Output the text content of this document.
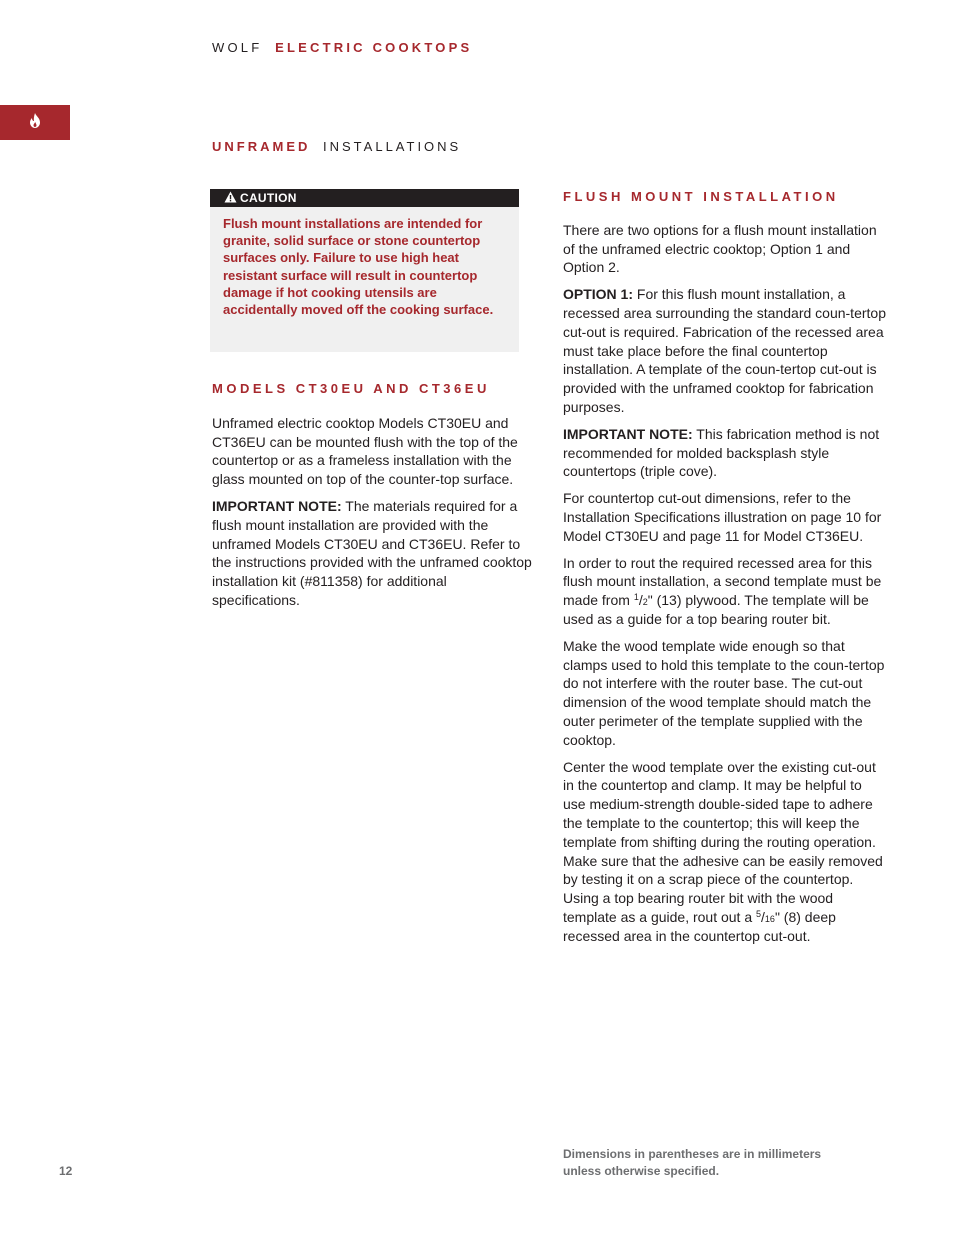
WOLF ELECTRIC COOKTOPS
UNFRAMED INSTALLATIONS
CAUTION
Flush mount installations are intended for granite, solid surface or stone countertop surfaces only. Failure to use high heat resistant surface will result in countertop damage if hot cooking utensils are accidentally moved off the cooking surface.
MODELS CT30EU AND CT36EU

Unframed electric cooktop Models CT30EU and CT36EU can be mounted flush with the top of the countertop or as a frameless installation with the glass mounted on top of the counter-top surface.

IMPORTANT NOTE: The materials required for a flush mount installation are provided with the unframed Models CT30EU and CT36EU. Refer to the instructions provided with the unframed cooktop installation kit (#811358) for additional specifications.

FLUSH MOUNT INSTALLATION

There are two options for a flush mount installation of the unframed electric cooktop; Option 1 and Option 2.

OPTION 1: For this flush mount installation, a recessed area surrounding the standard coun-tertop cut-out is required. Fabrication of the recessed area must take place before the final countertop installation. A template of the coun-tertop cut-out is provided with the unframed cooktop for fabrication purposes.

IMPORTANT NOTE: This fabrication method is not recommended for molded backsplash style countertops (triple cove).

For countertop cut-out dimensions, refer to the Installation Specifications illustration on page 10 for Model CT30EU and page 11 for Model CT36EU.

In order to rout the required recessed area for this flush mount installation, a second template must be made from $^1$/2" (13) plywood. The template will be used as a guide for a top bearing router bit.

Make the wood template wide enough so that clamps used to hold this template to the coun-tertop do not interfere with the router base. The cut-out dimension of the wood template should match the outer perimeter of the template supplied with the cooktop.

Center the wood template over the existing cut-out in the countertop and clamp. It may be helpful to use medium-strength double-sided tape to adhere the template to the countertop; this will keep the template from shifting during the routing operation. Make sure that the adhesive can be easily removed by testing it on a scrap piece of the countertop. Using a top bearing router bit with the wood template as a guide, rout out a $^5$/16" (8) deep recessed area in the countertop cut-out.

12
Dimensions in parentheses are in millimeters unless otherwise specified.
